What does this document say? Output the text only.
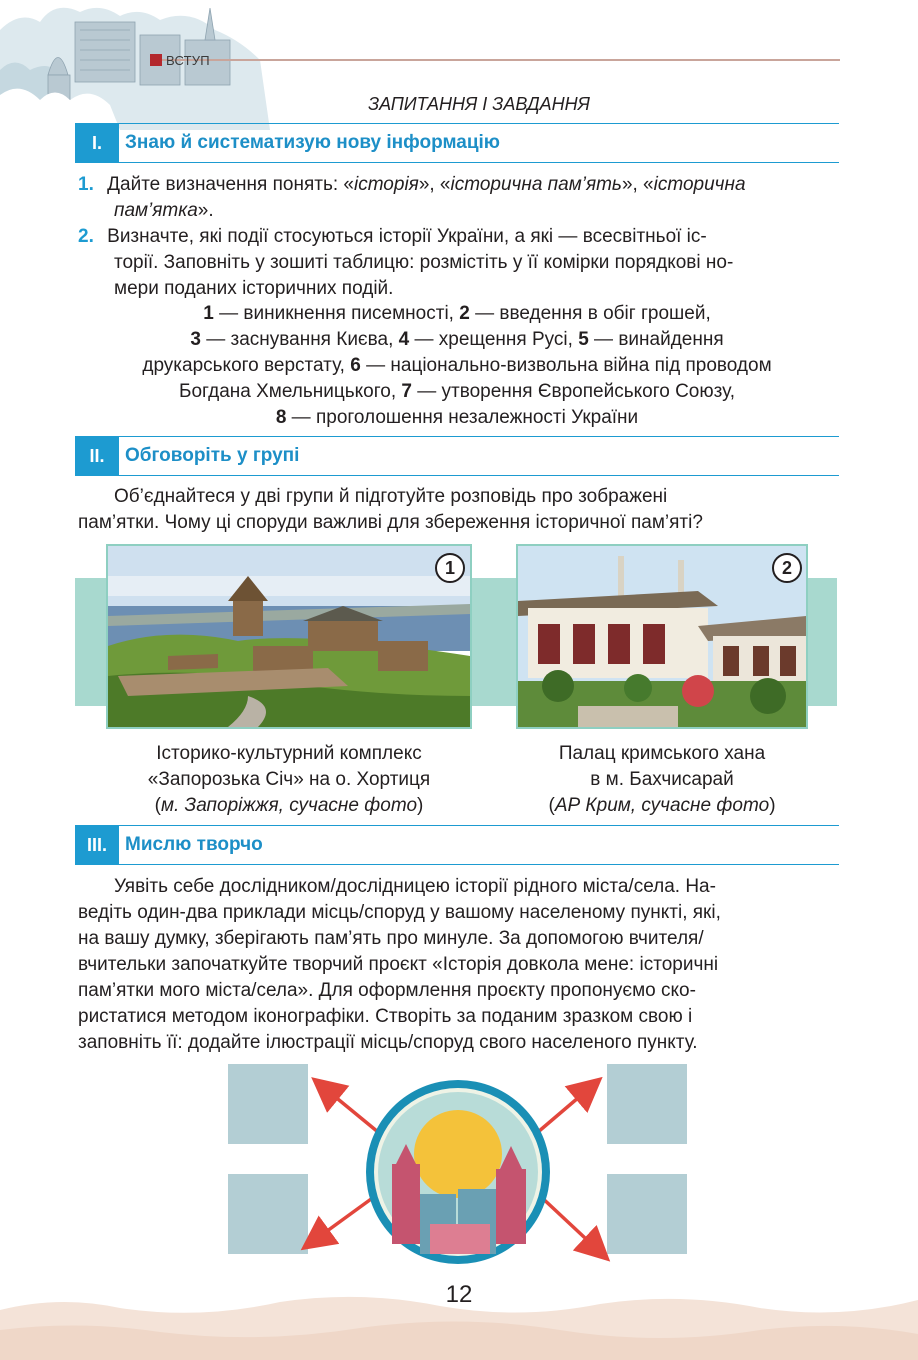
ВСТУП
ЗАПИТАННЯ І ЗАВДАННЯ
I.	Знаю й систематизую нову інформацію
1. Дайте визначення понять: «історія», «історична пам’ять», «історична
пам’ятка».
2. Визначте, які події стосуються історії України, а які — всесвітньої іс-
торії. Заповніть у зошиті таблицю: розмістіть у її комірки порядкові но-
мери поданих історичних подій.
1 — виникнення писемності, 2 — введення в обіг грошей,
3 — заснування Києва, 4 — хрещення Русі, 5 — винайдення
друкарського верстату, 6 — національно-визвольна війна під проводом
Богдана Хмельницького, 7 — утворення Європейського Союзу,
8 — проголошення незалежності України
II.	Обговоріть у групі
Об’єднайтеся у дві групи й підготуйте розповідь про зображені
пам’ятки. Чому ці споруди важливі для збереження історичної пам’яті?
1	2
Історико-культурний комплекс
«Запорозька Січ» на о. Хортиця
(м. Запоріжжя, сучасне фото)
Палац кримського хана
в м. Бахчисарай
(АР Крим, сучасне фото)
III. Мислю творчо
Уявіть себе дослідником/дослідницею історії рідного міста/села. На-
ведіть один-два приклади місць/споруд у вашому населеному пункті, які,
на вашу думку, зберігають пам’ять про минуле. За допомогою вчителя/
вчительки започаткуйте творчий проєкт «Історія довкола мене: історичні
пам’ятки мого міста/села». Для оформлення проєкту пропонуємо ско-
ристатися методом іконографіки. Створіть за поданим зразком свою і
заповніть її: додайте ілюстрації місць/споруд свого населеного пункту.
12
